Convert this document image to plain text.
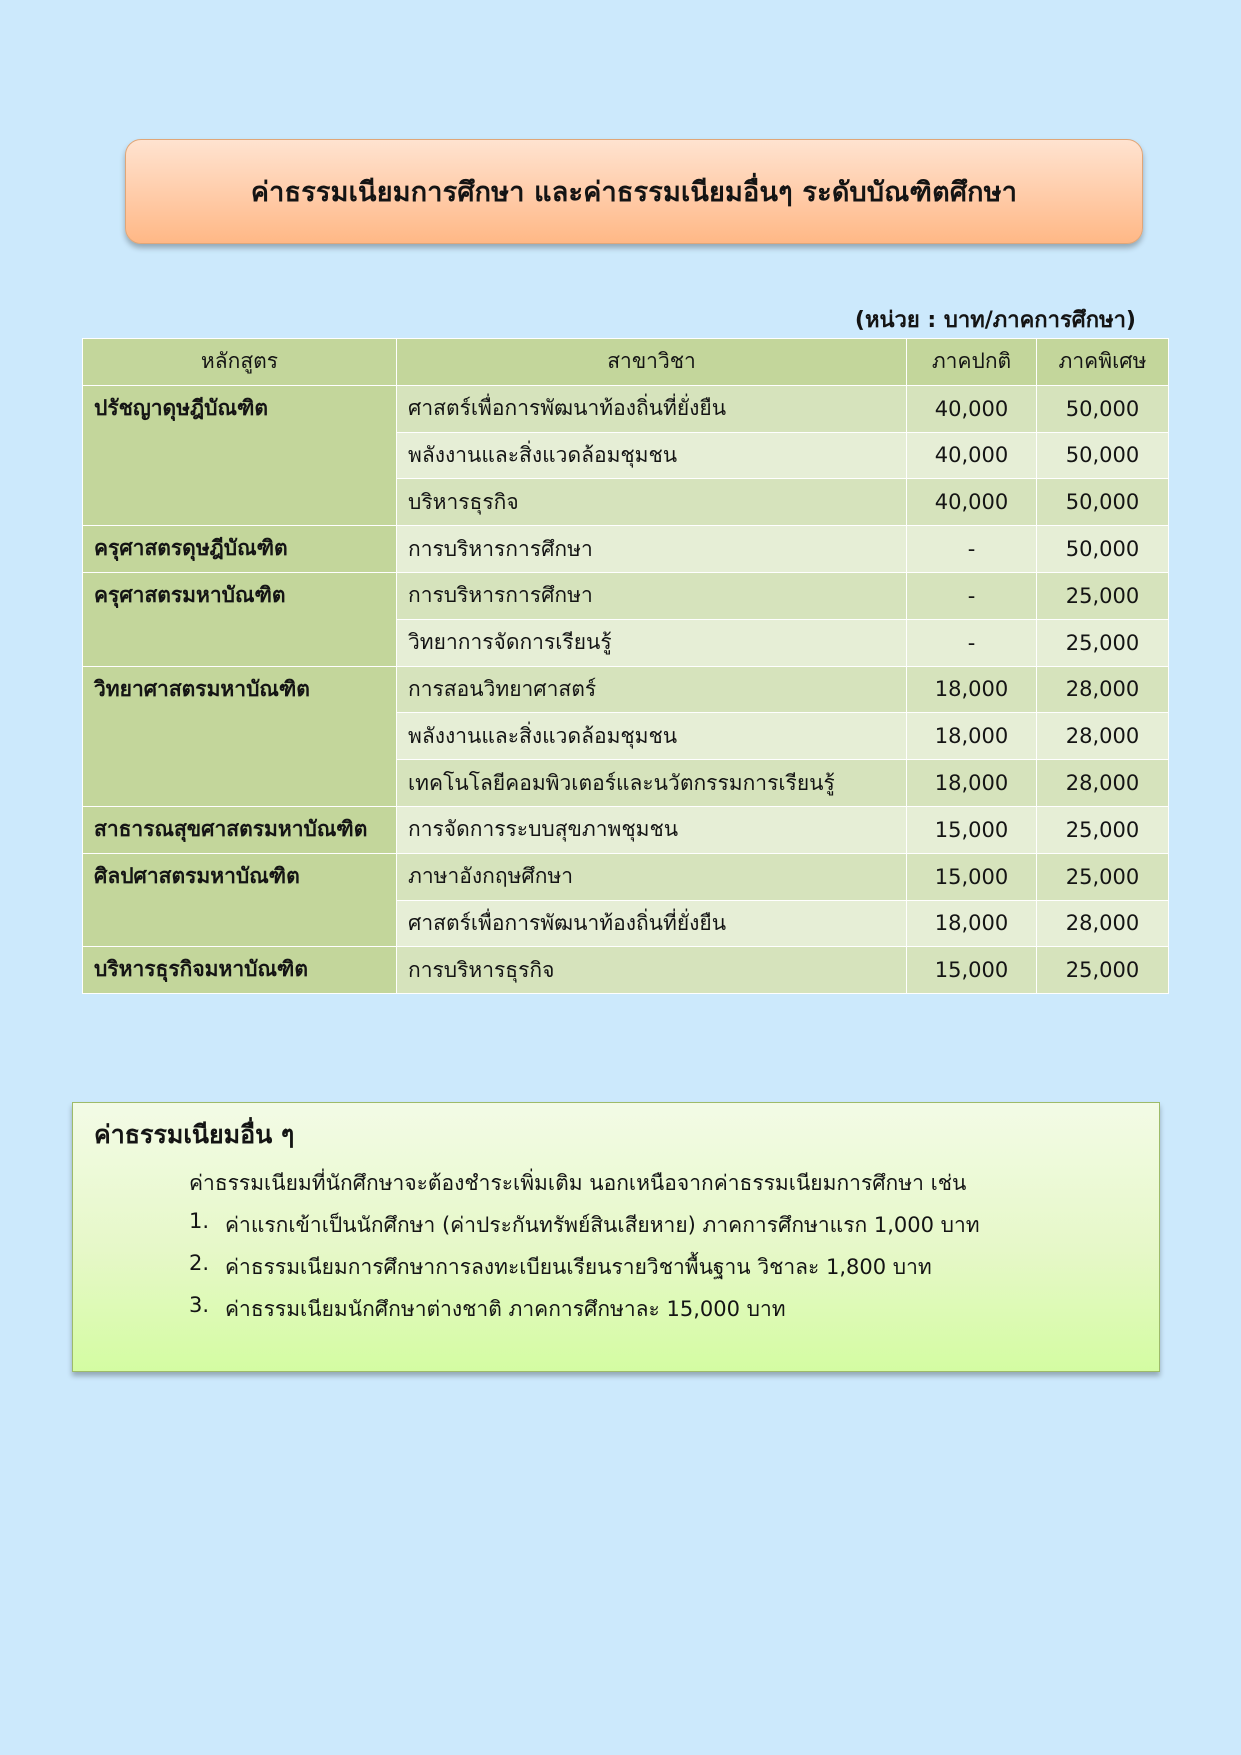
ค่าธรรมเนียมการศึกษา และค่าธรรมเนียมอื่นๆ ระดับบัณฑิตศึกษา
(หน่วย : บาท/ภาคการศึกษา)
หลักสูตร	สาขาวิชา	ภาคปกติ	ภาคพิเศษ
ปรัชญาดุษฎีบัณฑิต	ศาสตร์เพื่อการพัฒนาท้องถิ่นที่ยั่งยืน	40,000	50,000
	พลังงานและสิ่งแวดล้อมชุมชน	40,000	50,000
	บริหารธุรกิจ	40,000	50,000
ครุศาสตรดุษฎีบัณฑิต	การบริหารการศึกษา	-	50,000
ครุศาสตรมหาบัณฑิต	การบริหารการศึกษา	-	25,000
	วิทยาการจัดการเรียนรู้	-	25,000
วิทยาศาสตรมหาบัณฑิต	การสอนวิทยาศาสตร์	18,000	28,000
	พลังงานและสิ่งแวดล้อมชุมชน	18,000	28,000
	เทคโนโลยีคอมพิวเตอร์และนวัตกรรมการเรียนรู้	18,000	28,000
สาธารณสุขศาสตรมหาบัณฑิต	การจัดการระบบสุขภาพชุมชน	15,000	25,000
ศิลปศาสตรมหาบัณฑิต	ภาษาอังกฤษศึกษา	15,000	25,000
	ศาสตร์เพื่อการพัฒนาท้องถิ่นที่ยั่งยืน	18,000	28,000
บริหารธุรกิจมหาบัณฑิต	การบริหารธุรกิจ	15,000	25,000
ค่าธรรมเนียมอื่น ๆ

ค่าธรรมเนียมที่นักศึกษาจะต้องชำระเพิ่มเติม นอกเหนือจากค่าธรรมเนียมการศึกษา เช่น

1. ค่าแรกเข้าเป็นนักศึกษา (ค่าประกันทรัพย์สินเสียหาย) ภาคการศึกษาแรก 1,000 บาท
2. ค่าธรรมเนียมการศึกษาการลงทะเบียนเรียนรายวิชาพื้นฐาน วิชาละ 1,800 บาท
3. ค่าธรรมเนียมนักศึกษาต่างชาติ ภาคการศึกษาละ 15,000 บาท
